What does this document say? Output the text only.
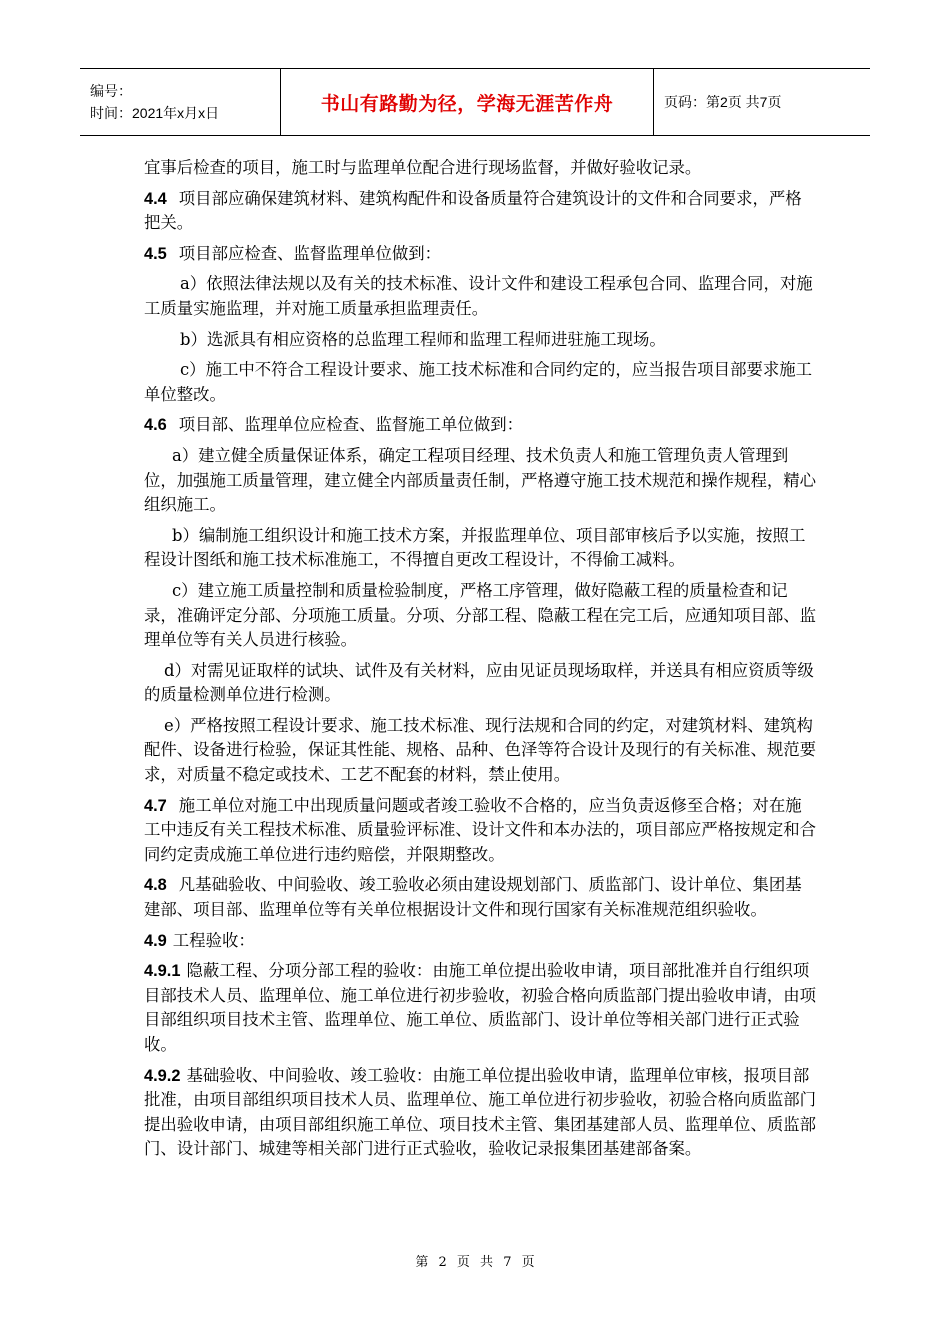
编号：
时间：2021年x月x日	书山有路勤为径，学海无涯苦作舟	页码：第2页 共7页

宜事后检查的项目，施工时与监理单位配合进行现场监督，并做好验收记录。

4.4 项目部应确保建筑材料、建筑构配件和设备质量符合建筑设计的文件和合同要求，严格把关。

4.5 项目部应检查、监督监理单位做到：

a）依照法律法规以及有关的技术标准、设计文件和建设工程承包合同、监理合同，对施工质量实施监理，并对施工质量承担监理责任。

b）选派具有相应资格的总监理工程师和监理工程师进驻施工现场。

c）施工中不符合工程设计要求、施工技术标准和合同约定的，应当报告项目部要求施工单位整改。

4.6 项目部、监理单位应检查、监督施工单位做到：

a）建立健全质量保证体系，确定工程项目经理、技术负责人和施工管理负责人管理到位，加强施工质量管理，建立健全内部质量责任制，严格遵守施工技术规范和操作规程，精心组织施工。

b）编制施工组织设计和施工技术方案，并报监理单位、项目部审核后予以实施，按照工程设计图纸和施工技术标准施工，不得擅自更改工程设计，不得偷工减料。

c）建立施工质量控制和质量检验制度，严格工序管理，做好隐蔽工程的质量检查和记录，准确评定分部、分项施工质量。分项、分部工程、隐蔽工程在完工后，应通知项目部、监理单位等有关人员进行核验。

d）对需见证取样的试块、试件及有关材料，应由见证员现场取样，并送具有相应资质等级的质量检测单位进行检测。

e）严格按照工程设计要求、施工技术标准、现行法规和合同的约定，对建筑材料、建筑构配件、设备进行检验，保证其性能、规格、品种、色泽等符合设计及现行的有关标准、规范要求，对质量不稳定或技术、工艺不配套的材料，禁止使用。

4.7 施工单位对施工中出现质量问题或者竣工验收不合格的，应当负责返修至合格；对在施工中违反有关工程技术标准、质量验评标准、设计文件和本办法的，项目部应严格按规定和合同约定责成施工单位进行违约赔偿，并限期整改。

4.8 凡基础验收、中间验收、竣工验收必须由建设规划部门、质监部门、设计单位、集团基建部、项目部、监理单位等有关单位根据设计文件和现行国家有关标准规范组织验收。

4.9 工程验收：

4.9.1 隐蔽工程、分项分部工程的验收：由施工单位提出验收申请，项目部批准并自行组织项目部技术人员、监理单位、施工单位进行初步验收，初验合格向质监部门提出验收申请，由项目部组织项目技术主管、监理单位、施工单位、质监部门、设计单位等相关部门进行正式验收。

4.9.2 基础验收、中间验收、竣工验收：由施工单位提出验收申请，监理单位审核，报项目部批准，由项目部组织项目技术人员、监理单位、施工单位进行初步验收，初验合格向质监部门提出验收申请，由项目部组织施工单位、项目技术主管、集团基建部人员、监理单位、质监部门、设计部门、城建等相关部门进行正式验收，验收记录报集团基建部备案。

第 2 页 共 7 页
